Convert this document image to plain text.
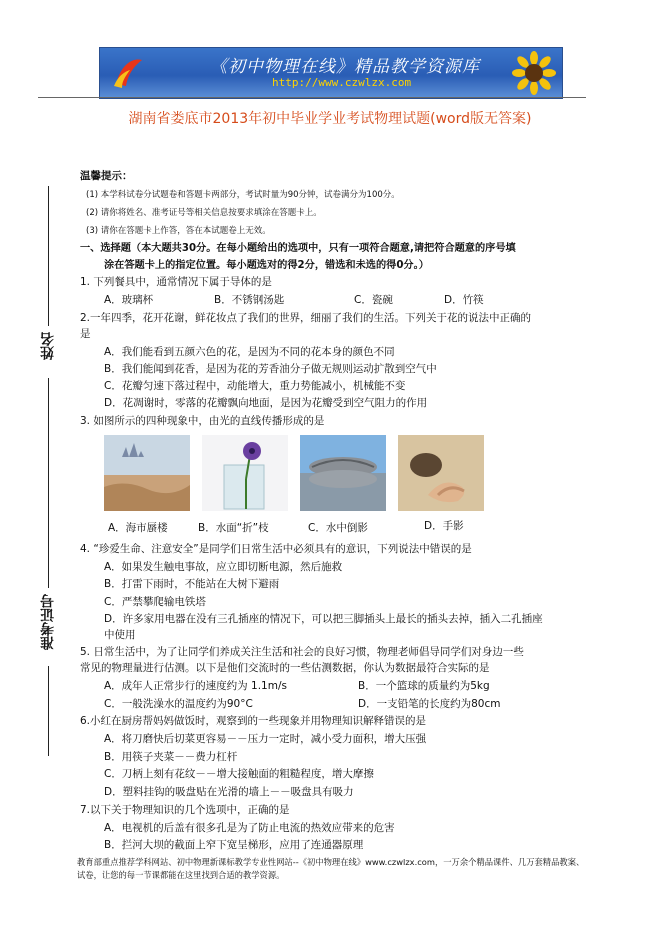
《初中物理在线》精品教学资源库
http://www.czwlzx.com
湖南省娄底市2013年初中毕业学业考试物理试题(word版无答案)
姓名
准考证号
温馨提示：
(1) 本学科试卷分试题卷和答题卡两部分，考试时量为90分钟，试卷满分为100分。
(2) 请你将姓名、准考证号等相关信息按要求填涂在答题卡上。
(3) 请你在答题卡上作答，答在本试题卷上无效。
一、选择题（本大题共30分。在每小题给出的选项中，只有一项符合题意,请把符合题意的序号填
涂在答题卡上的指定位置。每小题选对的得2分，错选和未选的得0分。）
1. 下列餐具中，通常情况下属于导体的是
A．玻璃杯	B．不锈钢汤匙	C．瓷碗	D．竹筷
2.一年四季，花开花谢，鲜花妆点了我们的世界，细丽了我们的生活。下列关于花的说法中正确的
是
A．我们能看到五颜六色的花，是因为不同的花本身的颜色不同
B．我们能闻到花香，是因为花的芳香油分子做无规则运动扩散到空气中
C．花瓣匀速下落过程中，动能增大，重力势能减小，机械能不变
D．花凋谢时，零落的花瓣飘向地面，是因为花瓣受到空气阻力的作用
3. 如图所示的四种现象中，由光的直线传播形成的是
A．海市蜃楼	B．水面“折”枝	C．水中倒影	D．手影
4. “珍爱生命、注意安全”是同学们日常生活中必须具有的意识，下列说法中错误的是
A．如果发生触电事故，应立即切断电源，然后施救
B．打雷下雨时，不能站在大树下避雨
C．严禁攀爬输电铁塔
D．许多家用电器在没有三孔插座的情况下，可以把三脚插头上最长的插头去掉，插入二孔插座
中使用
5. 日常生活中，为了让同学们养成关注生活和社会的良好习惯，物理老师倡导同学们对身边一些
常见的物理量进行估测。以下是他们交流时的一些估测数据，你认为数据最符合实际的是
A．成年人正常步行的速度约为 1.1m/s	B．一个篮球的质量约为5kg
C．一般洗澡水的温度约为90°C	D．一支铅笔的长度约为80cm
6.小红在厨房帮妈妈做饭时，观察到的一些现象并用物理知识解释错误的是
A．将刀磨快后切菜更容易－－压力一定时，减小受力面积，增大压强
B．用筷子夹菜－－费力杠杆
C．刀柄上刻有花纹－－增大接触面的粗糙程度，增大摩擦
D．塑料挂钩的吸盘贴在光滑的墙上－－吸盘具有吸力
7.以下关于物理知识的几个选项中，正确的是
A．电视机的后盖有很多孔是为了防止电流的热效应带来的危害
B．拦河大坝的截面上窄下宽呈梯形，应用了连通器原理
教育部重点推荐学科网站、初中物理新课标教学专业性网站--《初中物理在线》www.czwlzx.com，一万余个精品课件、几万套精品教案、试卷，让您的每一节课都能在这里找到合适的教学资源。
